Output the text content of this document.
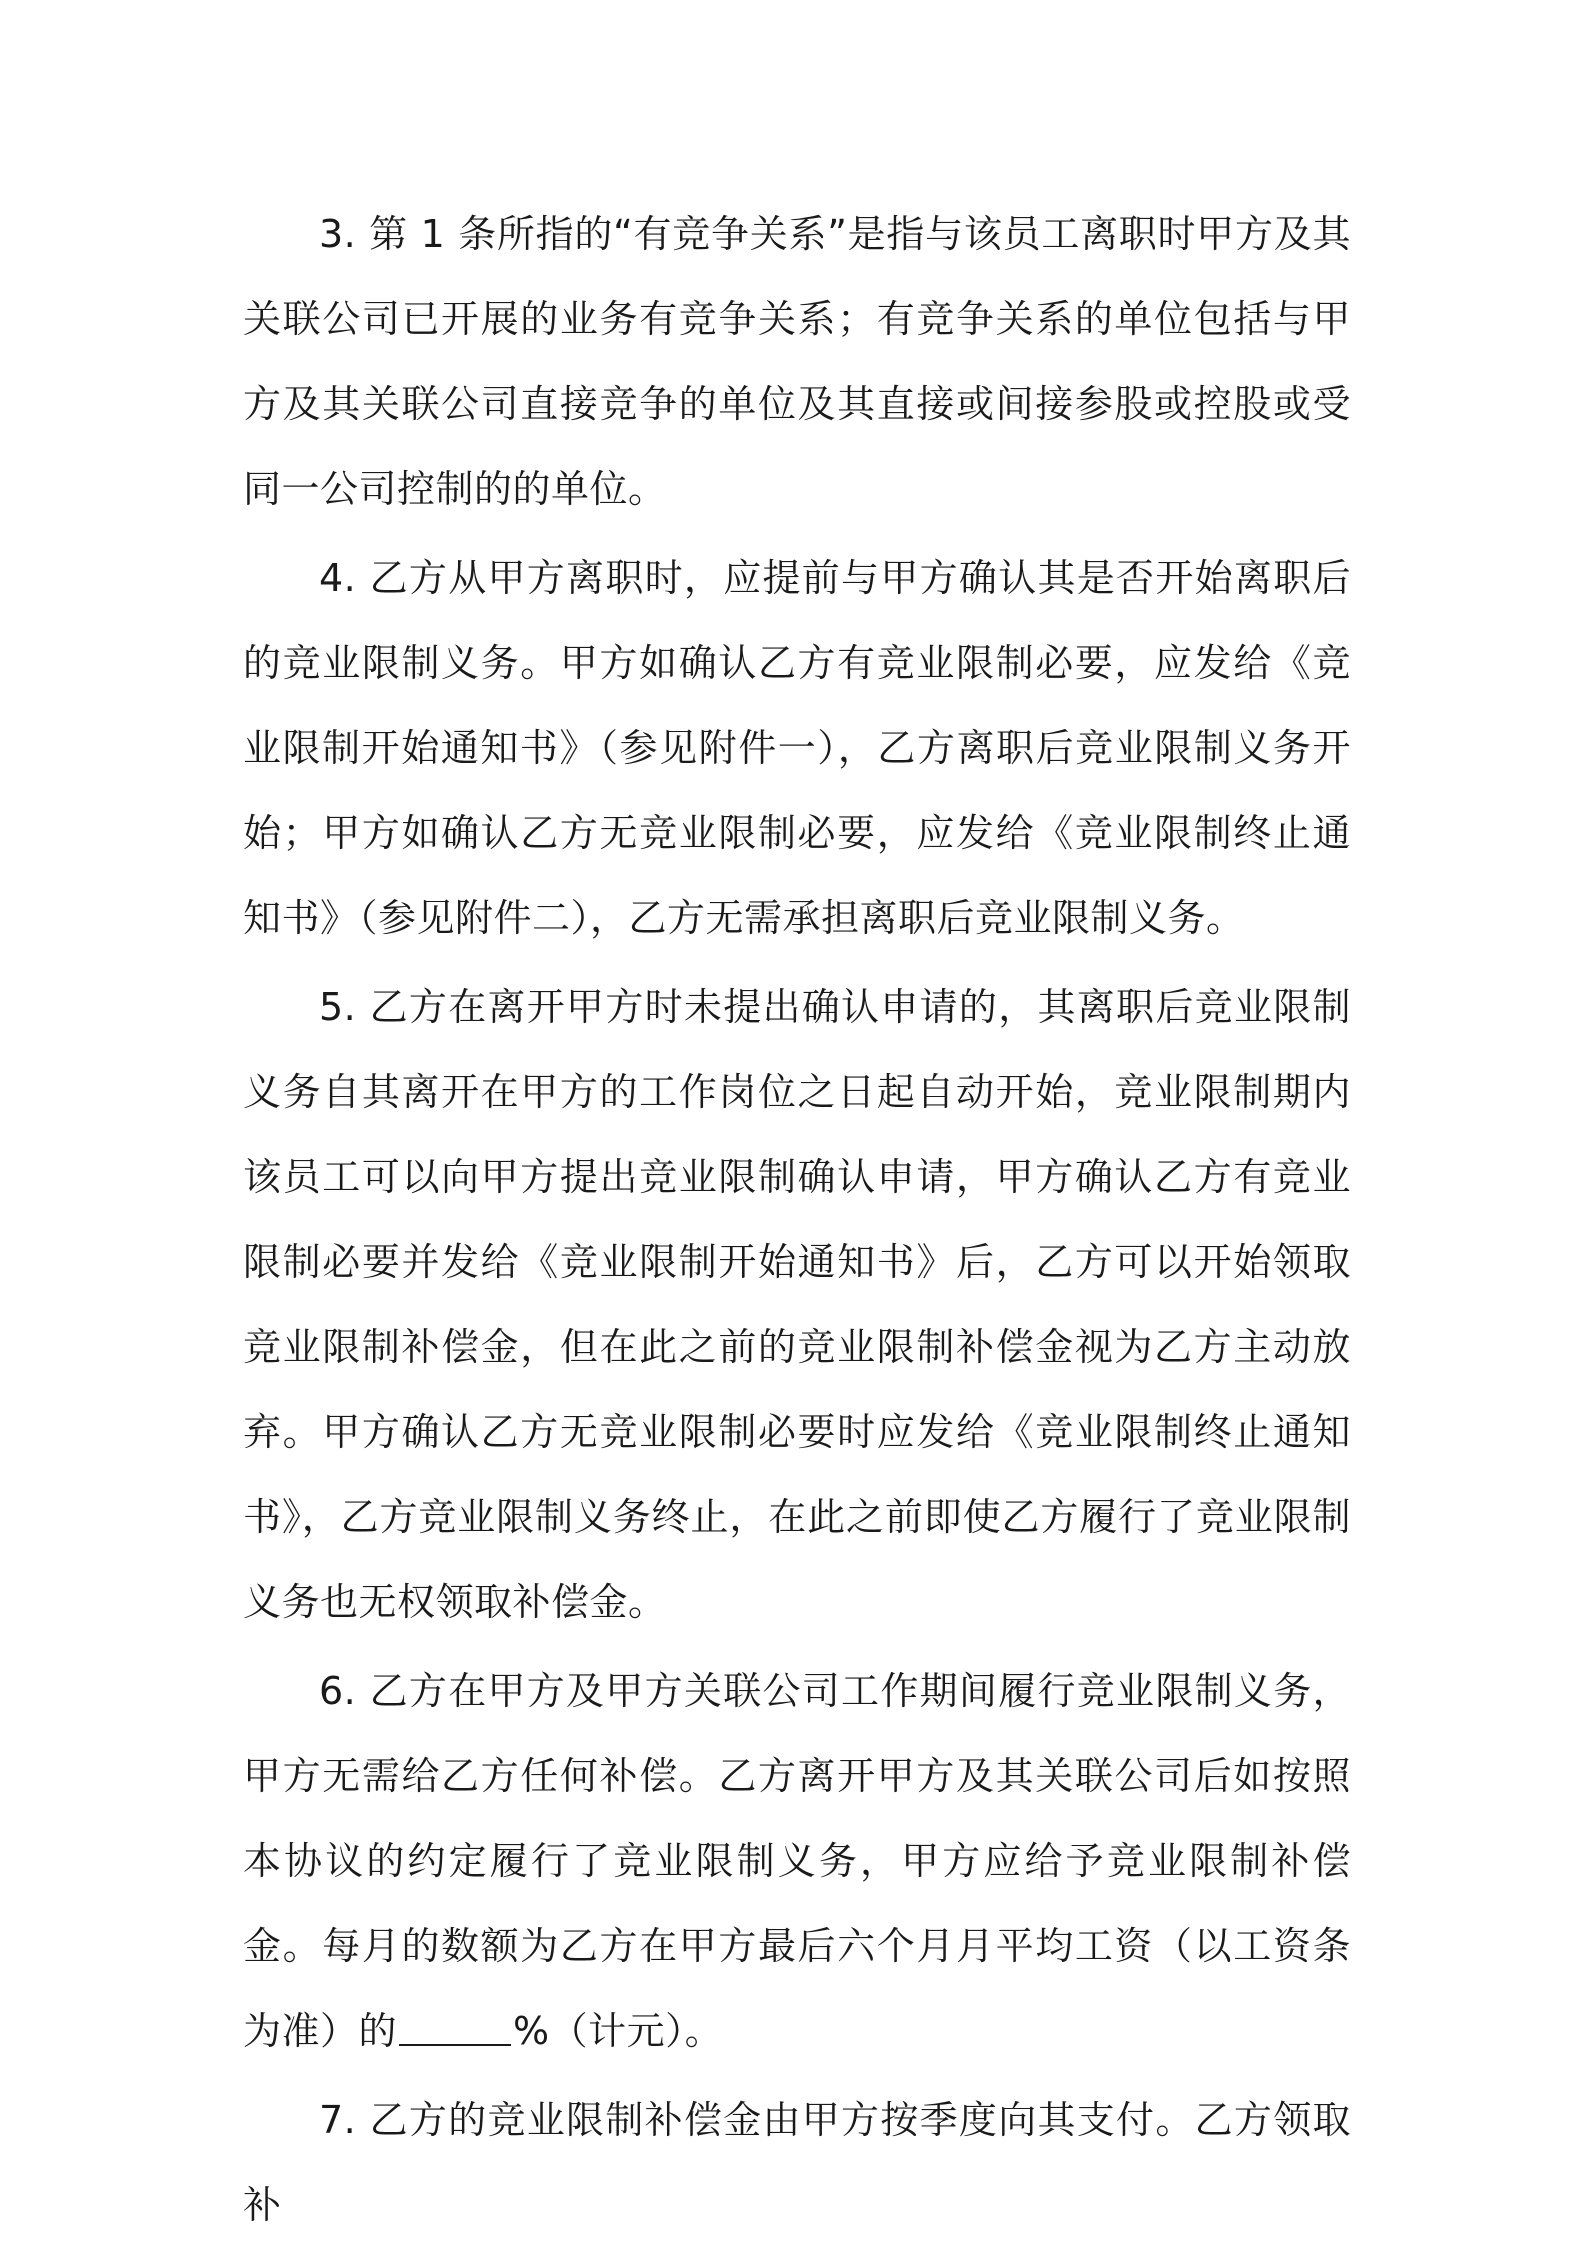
3. 第 1 条所指的“有竞争关系”是指与该员工离职时甲方及其关联公司已开展的业务有竞争关系；有竞争关系的单位包括与甲方及其关联公司直接竞争的单位及其直接或间接参股或控股或受同一公司控制的的单位。

4. 乙方从甲方离职时，应提前与甲方确认其是否开始离职后的竞业限制义务。甲方如确认乙方有竞业限制必要，应发给《竞业限制开始通知书》（参见附件一），乙方离职后竞业限制义务开始；甲方如确认乙方无竞业限制必要，应发给《竞业限制终止通知书》（参见附件二），乙方无需承担离职后竞业限制义务。

5. 乙方在离开甲方时未提出确认申请的，其离职后竞业限制义务自其离开在甲方的工作岗位之日起自动开始，竞业限制期内该员工可以向甲方提出竞业限制确认申请，甲方确认乙方有竞业限制必要并发给《竞业限制开始通知书》后，乙方可以开始领取竞业限制补偿金，但在此之前的竞业限制补偿金视为乙方主动放弃。甲方确认乙方无竞业限制必要时应发给《竞业限制终止通知书》，乙方竞业限制义务终止，在此之前即使乙方履行了竞业限制义务也无权领取补偿金。

6. 乙方在甲方及甲方关联公司工作期间履行竞业限制义务，甲方无需给乙方任何补偿。乙方离开甲方及其关联公司后如按照本协议的约定履行了竞业限制义务，甲方应给予竞业限制补偿金。每月的数额为乙方在甲方最后六个月月平均工资（以工资条为准）的	%（计元）。

7. 乙方的竞业限制补偿金由甲方按季度向其支付。乙方领取补
